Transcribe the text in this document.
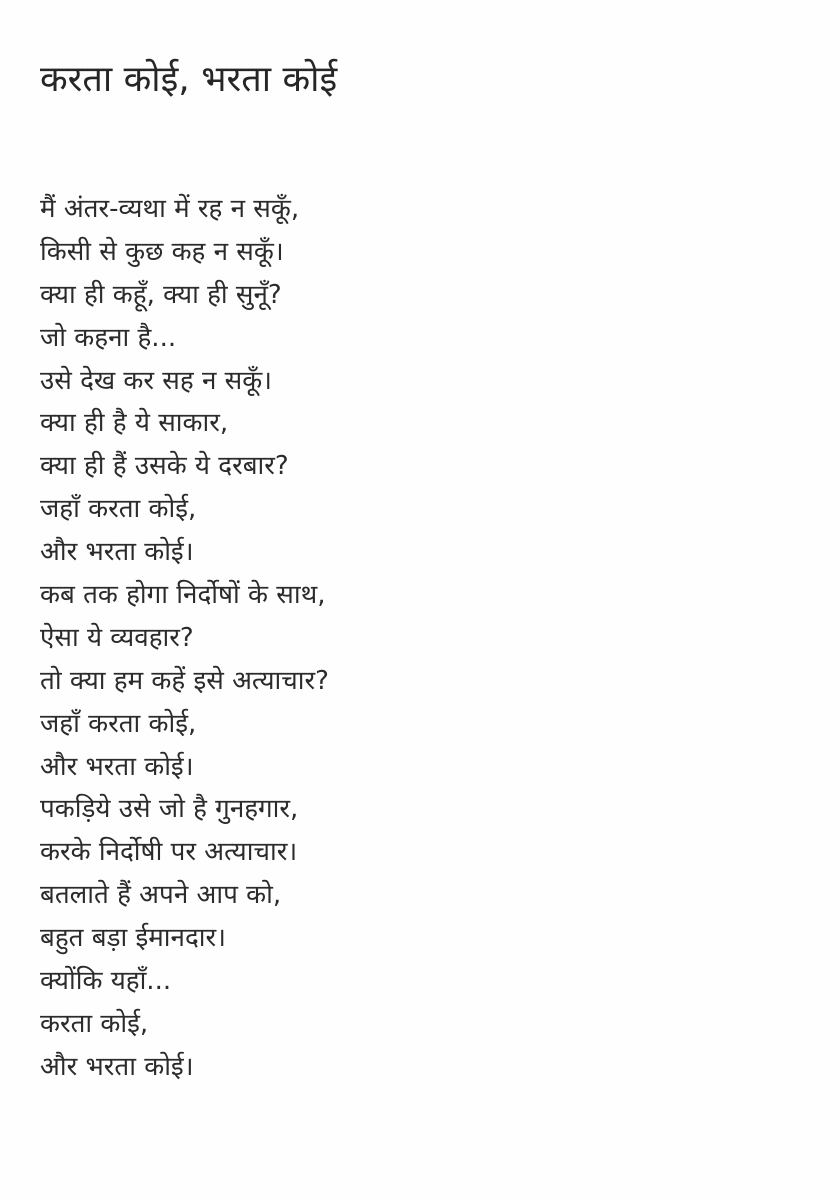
करता कोई, भरता कोई
मैं अंतर-व्यथा में रह न सकूँ,
किसी से कुछ कह न सकूँ।
क्या ही कहूँ, क्या ही सुनूँ?
जो कहना है...
उसे देख कर सह न सकूँ।
क्या ही है ये साकार,
क्या ही हैं उसके ये दरबार?
जहाँ करता कोई,
और भरता कोई।
कब तक होगा निर्दोषों के साथ,
ऐसा ये व्यवहार?
तो क्या हम कहें इसे अत्याचार?
जहाँ करता कोई,
और भरता कोई।
पकड़िये उसे जो है गुनहगार,
करके निर्दोषी पर अत्याचार।
बतलाते हैं अपने आप को,
बहुत बड़ा ईमानदार।
क्योंकि यहाँ...
करता कोई,
और भरता कोई।
